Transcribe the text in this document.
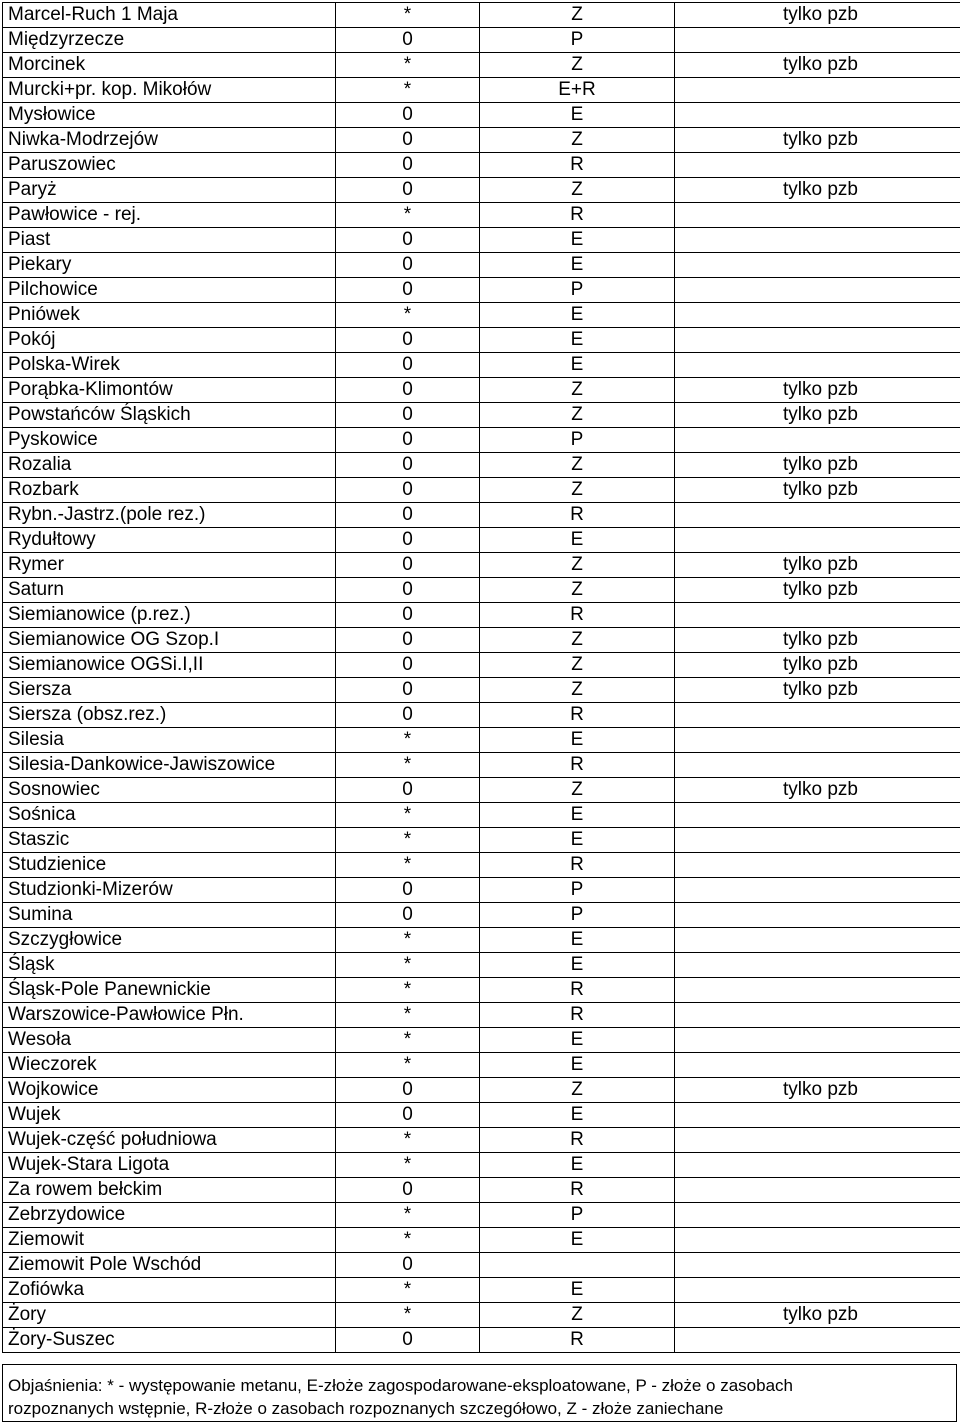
Marcel-Ruch 1 Maja	*	Z	tylko pzb
Międzyrzecze	0	P	
Morcinek	*	Z	tylko pzb
Murcki+pr. kop. Mikołów	*	E+R	
Mysłowice	0	E	
Niwka-Modrzejów	0	Z	tylko pzb
Paruszowiec	0	R	
Paryż	0	Z	tylko pzb
Pawłowice - rej.	*	R	
Piast	0	E	
Piekary	0	E	
Pilchowice	0	P	
Pniówek	*	E	
Pokój	0	E	
Polska-Wirek	0	E	
Porąbka-Klimontów	0	Z	tylko pzb
Powstańców Śląskich	0	Z	tylko pzb
Pyskowice	0	P	
Rozalia	0	Z	tylko pzb
Rozbark	0	Z	tylko pzb
Rybn.-Jastrz.(pole rez.)	0	R	
Rydułtowy	0	E	
Rymer	0	Z	tylko pzb
Saturn	0	Z	tylko pzb
Siemianowice (p.rez.)	0	R	
Siemianowice OG Szop.I	0	Z	tylko pzb
Siemianowice OGSi.I,II	0	Z	tylko pzb
Siersza	0	Z	tylko pzb
Siersza (obsz.rez.)	0	R	
Silesia	*	E	
Silesia-Dankowice-Jawiszowice	*	R	
Sosnowiec	0	Z	tylko pzb
Sośnica	*	E	
Staszic	*	E	
Studzienice	*	R	
Studzionki-Mizerów	0	P	
Sumina	0	P	
Szczygłowice	*	E	
Śląsk	*	E	
Śląsk-Pole Panewnickie	*	R	
Warszowice-Pawłowice Płn.	*	R	
Wesoła	*	E	
Wieczorek	*	E	
Wojkowice	0	Z	tylko pzb
Wujek	0	E	
Wujek-część południowa	*	R	
Wujek-Stara Ligota	*	E	
Za rowem bełckim	0	R	
Zebrzydowice	*	P	
Ziemowit	*	E	
Ziemowit Pole Wschód	0		
Zofiówka	*	E	
Żory	*	Z	tylko pzb
Żory-Suszec	0	R	
Objaśnienia: * - występowanie metanu, E-złoże zagospodarowane-eksploatowane, P - złoże o zasobach
rozpoznanych wstępnie, R-złoże o zasobach rozpoznanych szczegółowo, Z - złoże zaniechane
